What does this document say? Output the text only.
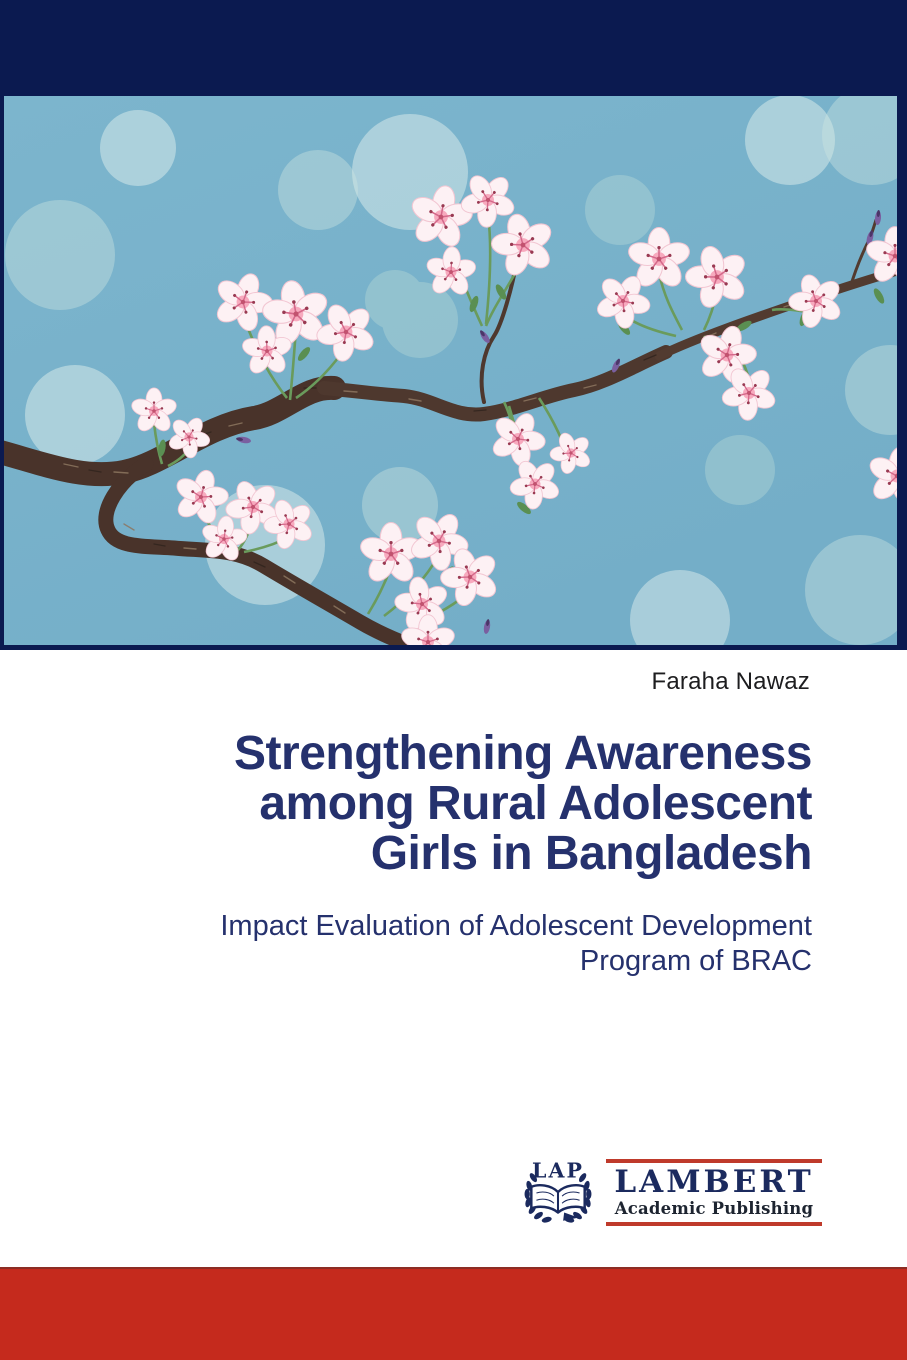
Faraha Nawaz
Strengthening Awareness
among Rural Adolescent
Girls in Bangladesh
Impact Evaluation of Adolescent Development
Program of BRAC
LAP LAMBERT
Academic Publishing
